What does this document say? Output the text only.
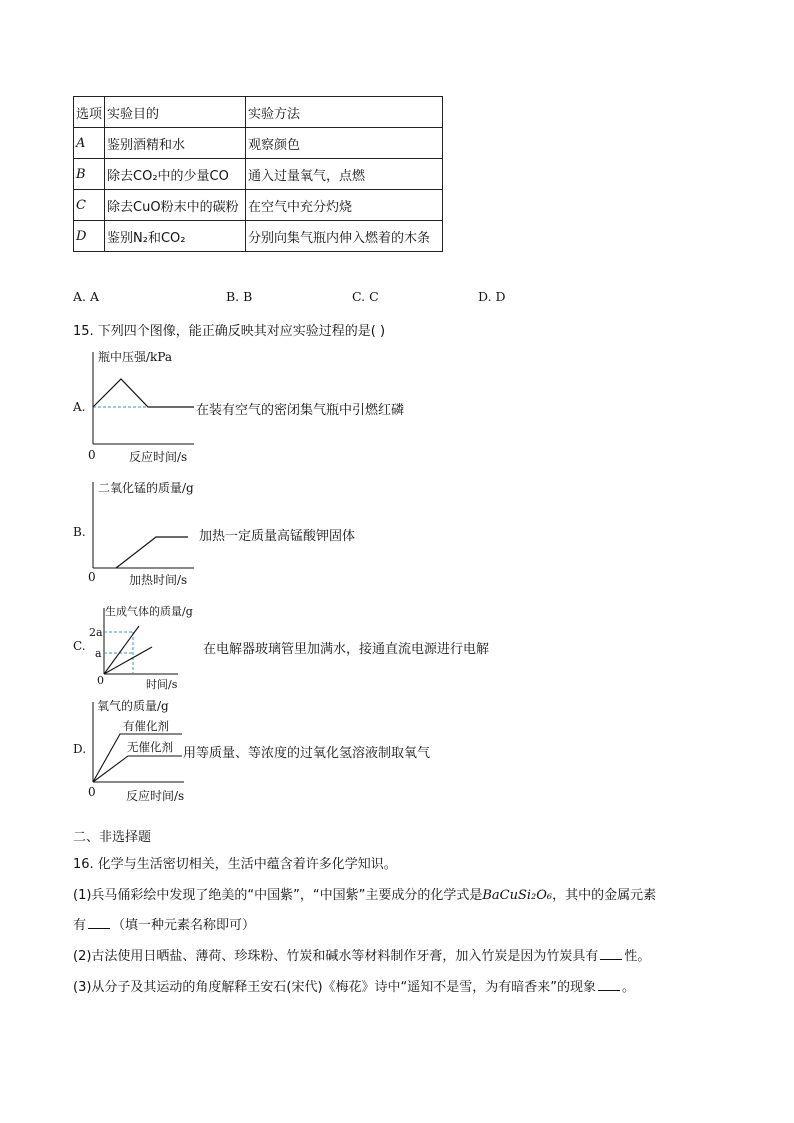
选项	实验目的	实验方法
A	鉴别酒精和水	观察颜色
B	除去CO₂中的少量CO	通入过量氧气，点燃
C	除去CuO粉末中的碳粉	在空气中充分灼烧
D	鉴别N₂和CO₂	分别向集气瓶内伸入燃着的木条
A. A	B. B	C. C	D. D
15. 下列四个图像，能正确反映其对应实验过程的是( )
A.
瓶中压强/kPa
反应时间/s
0
在装有空气的密闭集气瓶中引燃红磷
B.
二氧化锰的质量/g
加热时间/s
0
加热一定质量高锰酸钾固体
C.
生成气体的质量/g
时间/s
0
2a
a	在电解器玻璃管里加满水，接通直流电源进行电解
D.
氧气的质量/g
反应时间/s
0
有催化剂
无催化剂 用等质量、等浓度的过氧化氢溶液制取氧气
二、非选择题
16. 化学与生活密切相关，生活中蕴含着许多化学知识。
(1)兵马俑彩绘中发现了绝美的“中国紫”，“中国紫”主要成分的化学式是BaCuSi₂O₆，其中的金属元素
有 （填一种元素名称即可）
(2)古法使用日晒盐、薄荷、珍珠粉、竹炭和碱水等材料制作牙膏，加入竹炭是因为竹炭具有 性。
(3)从分子及其运动的角度解释王安石(宋代)《梅花》诗中“遥知不是雪，为有暗香来”的现象 。
